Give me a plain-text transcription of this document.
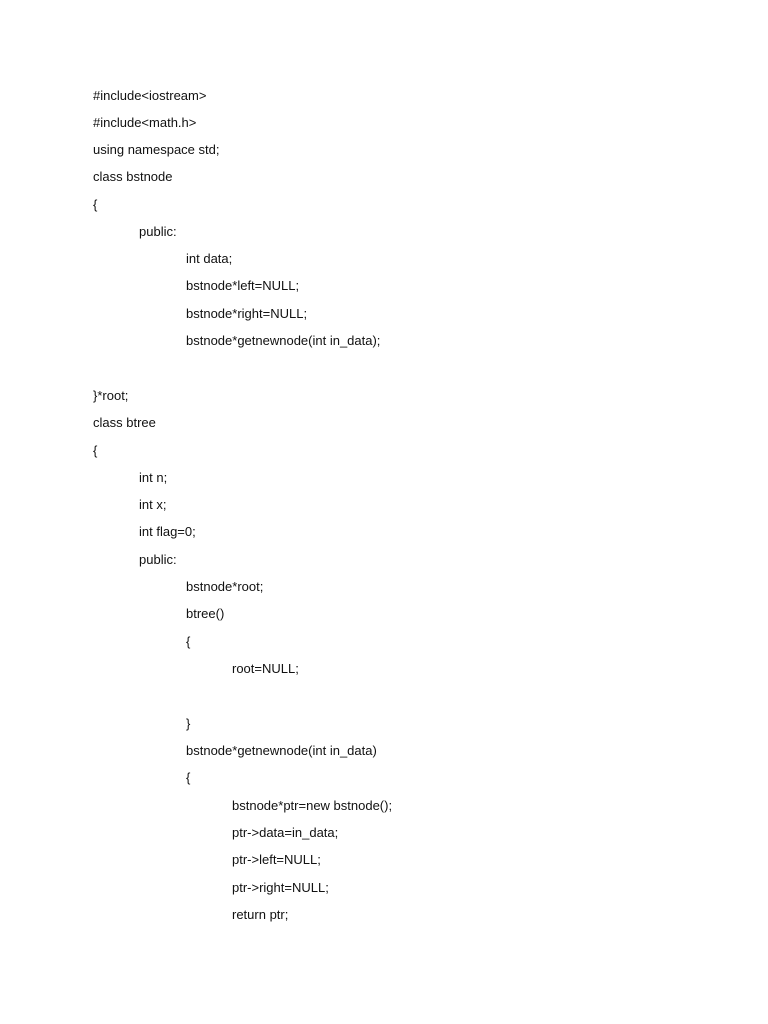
#include<iostream>
#include<math.h>
using namespace std;
class bstnode
{
public:
int data;
bstnode*left=NULL;
bstnode*right=NULL;
bstnode*getnewnode(int in_data);
}*root;
class btree
{
int n;
int x;
int flag=0;
public:
bstnode*root;
btree()
{
root=NULL;
}
bstnode*getnewnode(int in_data)
{
bstnode*ptr=new bstnode();
ptr->data=in_data;
ptr->left=NULL;
ptr->right=NULL;
return ptr;
